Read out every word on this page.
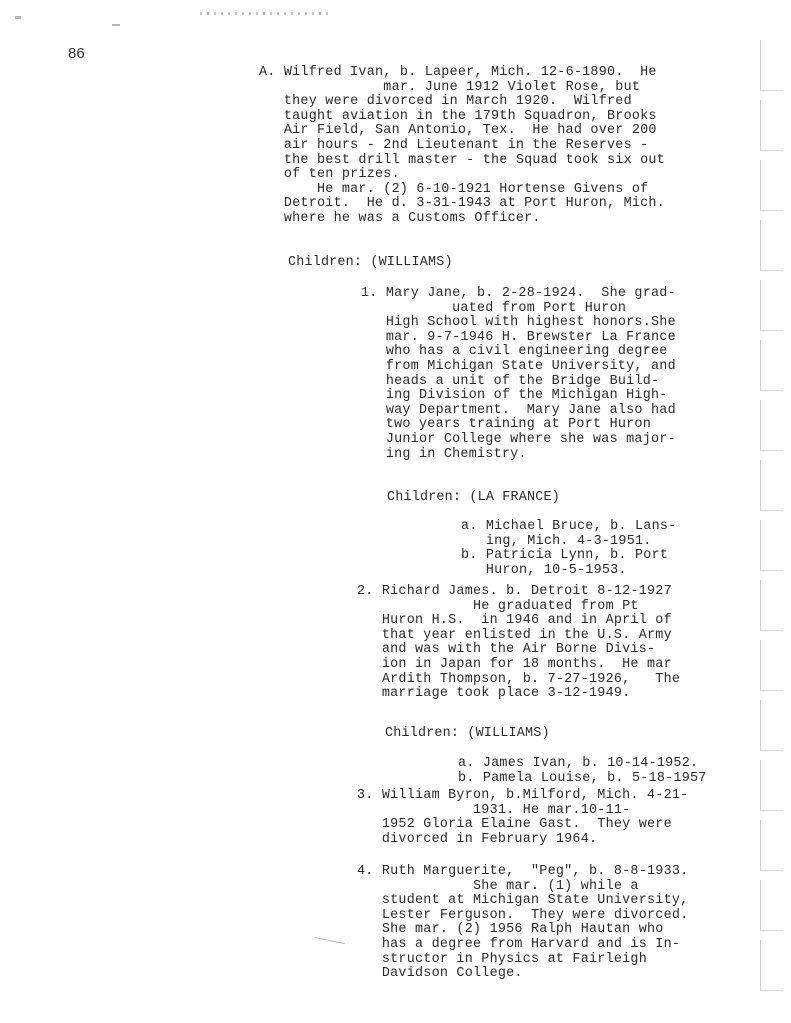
86
A. Wilfred Ivan, b. Lapeer, Mich. 12-6-1890.  He
mar. June 1912 Violet Rose, but
they were divorced in March 1920.  Wilfred
taught aviation in the 179th Squadron, Brooks
Air Field, San Antonio, Tex.  He had over 200
air hours - 2nd Lieutenant in the Reserves -
the best drill master - the Squad took six out
of ten prizes.
He mar. (2) 6-10-1921 Hortense Givens of
Detroit.  He d. 3-31-1943 at Port Huron, Mich.
where he was a Customs Officer.
Children: (WILLIAMS)
1. Mary Jane, b. 2-28-1924.  She grad-
uated from Port Huron
High School with highest honors.She
mar. 9-7-1946 H. Brewster La France
who has a civil engineering degree
from Michigan State University, and
heads a unit of the Bridge Build-
ing Division of the Michigan High-
way Department.  Mary Jane also had
two years training at Port Huron
Junior College where she was major-
ing in Chemistry.
Children: (LA FRANCE)
a. Michael Bruce, b. Lans-
ing, Mich. 4-3-1951.
b. Patricia Lynn, b. Port
Huron, 10-5-1953.
2. Richard James. b. Detroit 8-12-1927
He graduated from Pt
Huron H.S.  in 1946 and in April of
that year enlisted in the U.S. Army
and was with the Air Borne Divis-
ion in Japan for 18 months.  He mar
Ardith Thompson, b. 7-27-1926,   The
marriage took place 3-12-1949.
Children: (WILLIAMS)
a. James Ivan, b. 10-14-1952.
b. Pamela Louise, b. 5-18-1957
3. William Byron, b.Milford, Mich. 4-21-
1931. He mar.10-11-
1952 Gloria Elaine Gast.  They were
divorced in February 1964.
4. Ruth Marguerite,  "Peg", b. 8-8-1933.
She mar. (1) while a
student at Michigan State University,
Lester Ferguson.  They were divorced.
She mar. (2) 1956 Ralph Hautan who
has a degree from Harvard and is In-
structor in Physics at Fairleigh
Davidson College.
